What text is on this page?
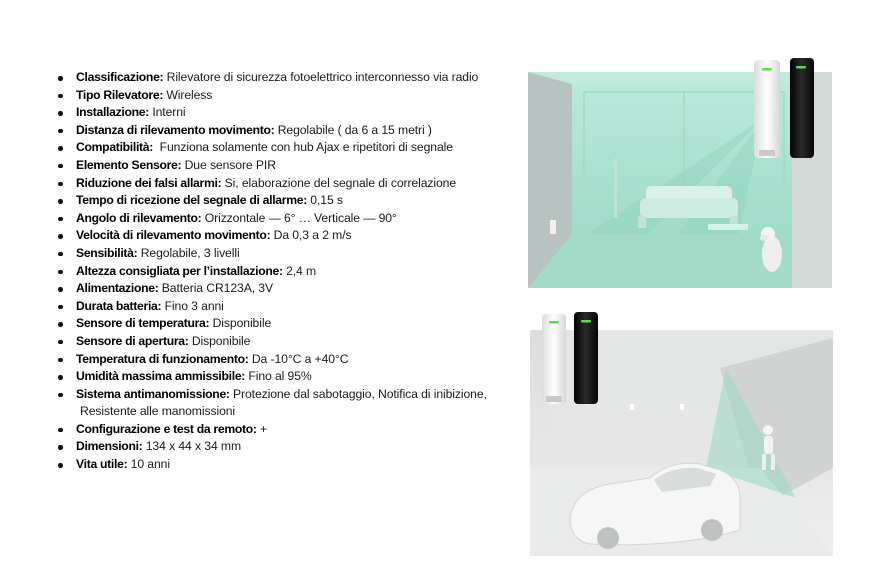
Classificazione: Rilevatore di sicurezza fotoelettrico interconnesso via radio
Tipo Rilevatore: Wireless
Installazione: Interni
Distanza di rilevamento movimento: Regolabile ( da 6 a 15 metri )
Compatibilità: Funziona solamente con hub Ajax e ripetitori di segnale
Elemento Sensore: Due sensore PIR
Riduzione dei falsi allarmi: Si, elaborazione del segnale di correlazione
Tempo di ricezione del segnale di allarme: 0,15 s
Angolo di rilevamento: Orizzontale — 6° … Verticale — 90°
Velocità di rilevamento movimento: Da 0,3 a 2 m/s
Sensibilità: Regolabile, 3 livelli
Altezza consigliata per l’installazione: 2,4 m
Alimentazione: Batteria CR123A, 3V
Durata batteria: Fino 3 anni
Sensore di temperatura: Disponibile
Sensore di apertura: Disponibile
Temperatura di funzionamento: Da -10°C a +40°C
Umidità massima ammissibile: Fino al 95%
Sistema antimanomissione: Protezione dal sabotaggio, Notifica di inibizione,
Resistente alle manomissioni
Configurazione e test da remoto: +
Dimensioni: 134 x 44 x 34 mm
Vita utile: 10 anni
